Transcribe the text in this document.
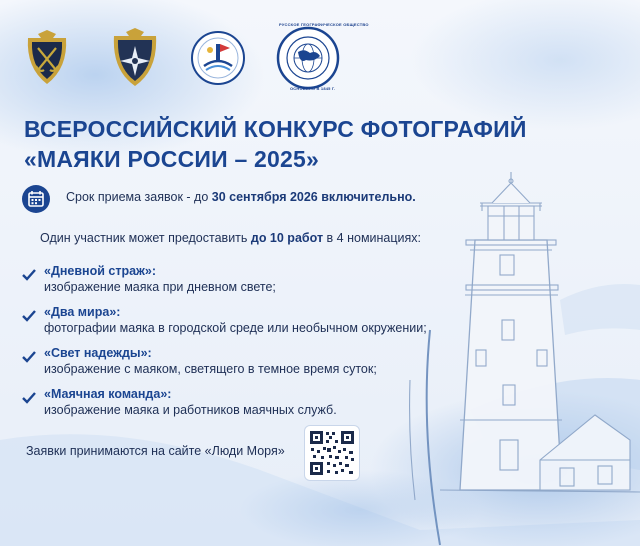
РУССКОЕ ГЕОГРАФИЧЕСКОЕ ОБЩЕСТВО
ОСНОВАНО В 1845 Г.
ВСЕРОССИЙСКИЙ КОНКУРС ФОТОГРАФИЙ
«МАЯКИ РОССИИ – 2025»
Срок приема заявок - до 30 сентября 2026 включительно.
Один участник может предоставить до 10 работ в 4 номинациях:
«Дневной страж»:
изображение маяка при дневном свете;
«Два мира»:
фотографии маяка в городской среде или необычном окружении;
«Свет надежды»:
изображение с маяком, светящего в темное время суток;
«Маячная команда»:
изображение маяка и работников маячных служб.
Заявки принимаются на сайте «Люди Моря»
